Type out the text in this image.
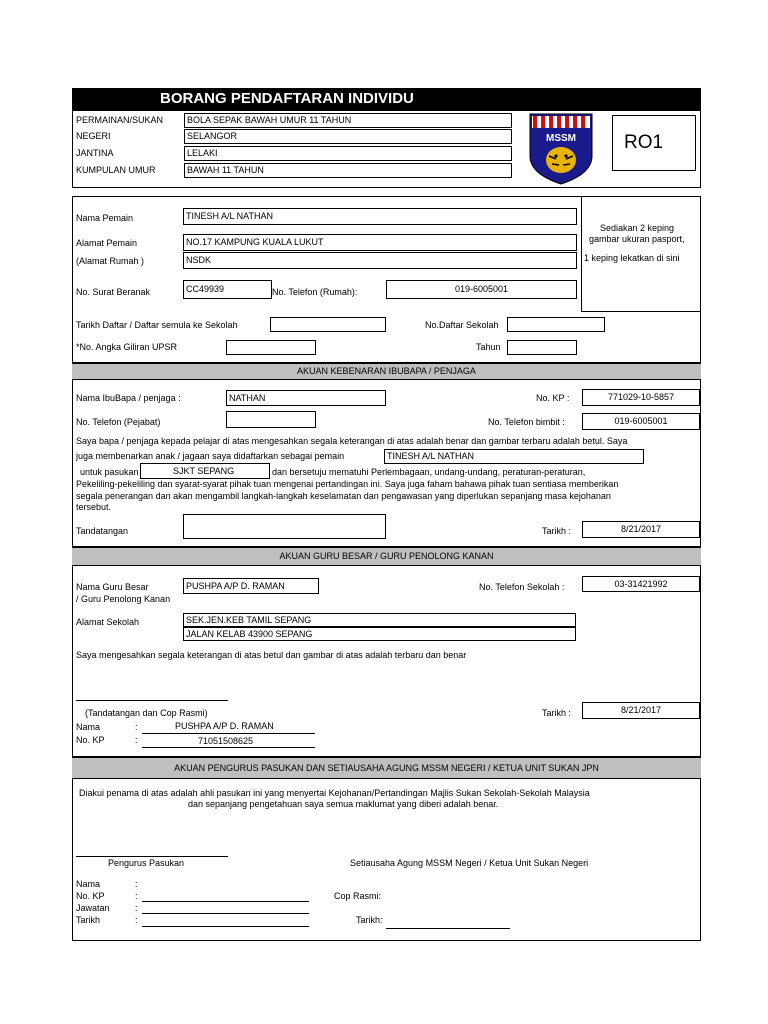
BORANG PENDAFTARAN INDIVIDU
PERMAINAN/SUKAN	BOLA SEPAK BAWAH UMUR 11 TAHUN
NEGERI	SELANGOR
JANTINA	LELAKI
KUMPULAN UMUR	BAWAH 11 TAHUN
MSSM	RO1
Sediakan 2 keping
gambar ukuran pasport,
1 keping lekatkan di sini
Nama Pemain	TINESH A/L NATHAN
Alamat Pemain	NO.17 KAMPUNG KUALA LUKUT
(Alamat Rumah )	NSDK
No. Surat Beranak	CC49939	No. Telefon (Rumah):	019-6005001
Tarikh Daftar / Daftar semula ke Sekolah	No.Daftar Sekolah
*No. Angka Giliran UPSR	Tahun
AKUAN KEBENARAN IBUBAPA / PENJAGA
Nama IbuBapa / penjaga :	NATHAN	No. KP :	771029-10-5857
No. Telefon (Pejabat)	No. Telefon bimbit :	019-6005001
Saya bapa / penjaga kepada pelajar di atas mengesahkan segala keterangan di atas adalah benar dan gambar terbaru adalah betul. Saya
juga membenarkan anak / jagaan saya didaftarkan sebagai pemain	TINESH A/L NATHAN
untuk pasukan	SJKT SEPANG	dan bersetuju mematuhi Perlembagaan, undang-undang, peraturan-peraturan,
Pekeliling-pekeliling dan syarat-syarat pihak tuan mengenai pertandingan ini. Saya juga faham bahawa pihak tuan sentiasa memberikan
segala penerangan dan akan mengambil langkah-langkah keselamatan dan pengawasan yang diperlukan sepanjang masa kejohanan
tersebut.
Tandatangan	Tarikh :	8/21/2017
AKUAN GURU BESAR / GURU PENOLONG KANAN
Nama Guru Besar
/ Guru Penolong Kanan
PUSHPA A/P D. RAMAN	No. Telefon Sekolah :	03-31421992
Alamat Sekolah	SEK.JEN.KEB TAMIL SEPANG
JALAN KELAB 43900 SEPANG
Saya mengesahkan segala keterangan di atas betul dan gambar di atas adalah terbaru dan benar
(Tandatangan dan Cop Rasmi)	Tarikh :	8/21/2017
Nama	:	PUSHPA A/P D. RAMAN
No. KP	:	71051508625
AKUAN PENGURUS PASUKAN DAN SETIAUSAHA AGUNG MSSM NEGERI / KETUA UNIT SUKAN JPN
Diakui penama di atas adalah ahli pasukan ini yang menyertai Kejohanan/Pertandingan Majlis Sukan Sekolah-Sekolah Malaysia
dan sepanjang pengetahuan saya semua maklumat yang diberi adalah benar.
Pengurus Pasukan	Setiausaha Agung MSSM Negeri / Ketua Unit Sukan Negeri
Nama	:
No. KP	:
Jawatan	:
Tarikh	:
Cop Rasmi:
Tarikh:
